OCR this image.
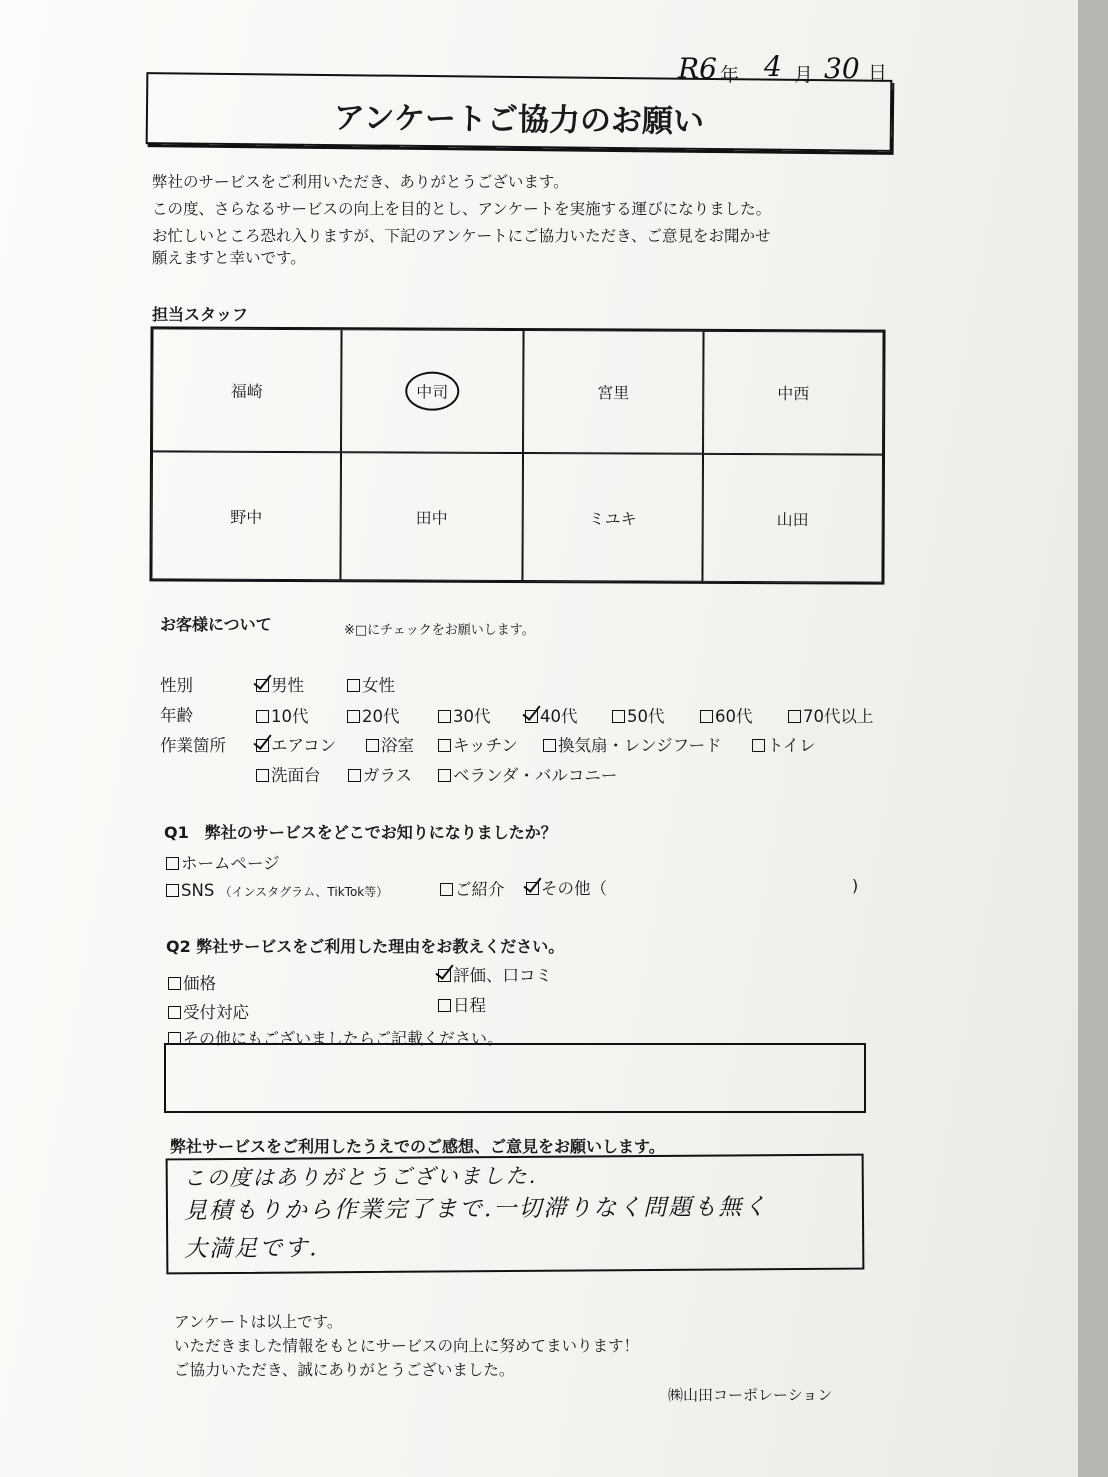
R6 年 4 月 30 日
アンケートご協力のお願い
弊社のサービスをご利用いただき、ありがとうございます。
この度、さらなるサービスの向上を目的とし、アンケートを実施する運びになりました。
お忙しいところ恐れ入りますが、下記のアンケートにご協力いただき、ご意見をお聞かせ
願えますと幸いです。
担当スタッフ
福崎	中司	宮里	中西
野中	田中	ミユキ	山田
お客様について	※□にチェックをお願いします。
性別	男性	女性
年齢	10代	20代	30代	40代	50代	60代	70代以上
作業箇所	エアコン	浴室	キッチン	換気扇・レンジフード	トイレ
洗面台	ガラス	ベランダ・バルコニー
Q1　弊社のサービスをどこでお知りになりましたか？
ホームページ
SNS （インスタグラム、TikTok等）	ご紹介	その他（	)
Q2 弊社サービスをご利用した理由をお教えください。
価格	評価、口コミ
受付対応	日程
その他にもございましたらご記載ください。
弊社サービスをご利用したうえでのご感想、ご意見をお願いします。
この度はありがとうございました.
見積もりから作業完了まで.一切滞りなく問題も無く
大満足です.
アンケートは以上です。
いただきました情報をもとにサービスの向上に努めてまいります！
ご協力いただき、誠にありがとうございました。
㈱山田コーポレーション
